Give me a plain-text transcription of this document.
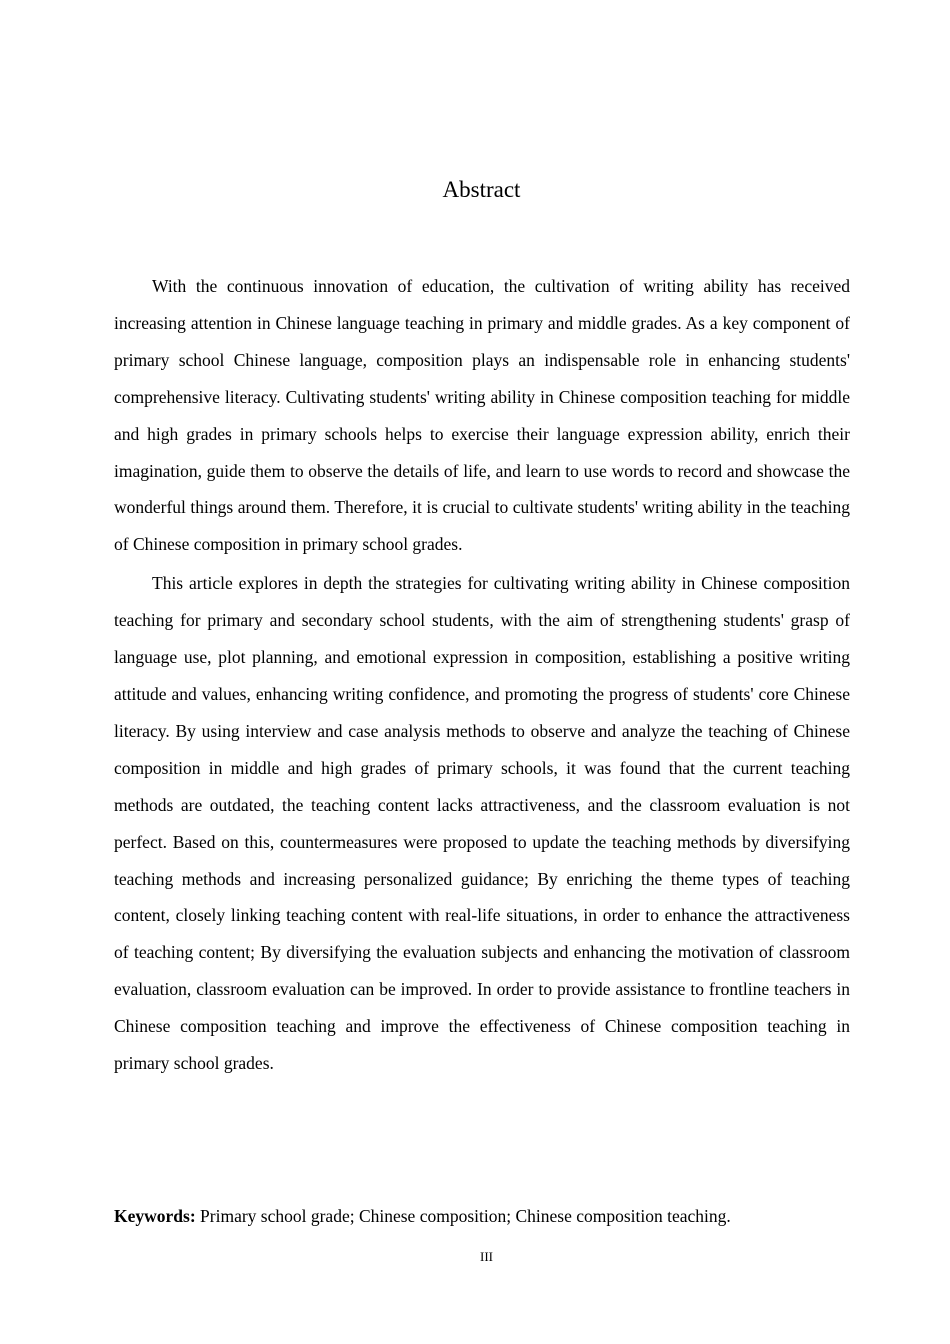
Abstract

With the continuous innovation of education, the cultivation of writing ability has received increasing attention in Chinese language teaching in primary and middle grades. As a key component of primary school Chinese language, composition plays an indispensable role in enhancing students' comprehensive literacy. Cultivating students' writing ability in Chinese composition teaching for middle and high grades in primary schools helps to exercise their language expression ability, enrich their imagination, guide them to observe the details of life, and learn to use words to record and showcase the wonderful things around them. Therefore, it is crucial to cultivate students' writing ability in the teaching of Chinese composition in primary school grades.

This article explores in depth the strategies for cultivating writing ability in Chinese composition teaching for primary and secondary school students, with the aim of strengthening students' grasp of language use, plot planning, and emotional expression in composition, establishing a positive writing attitude and values, enhancing writing confidence, and promoting the progress of students' core Chinese literacy. By using interview and case analysis methods to observe and analyze the teaching of Chinese composition in middle and high grades of primary schools, it was found that the current teaching methods are outdated, the teaching content lacks attractiveness, and the classroom evaluation is not perfect. Based on this, countermeasures were proposed to update the teaching methods by diversifying teaching methods and increasing personalized guidance; By enriching the theme types of teaching content, closely linking teaching content with real-life situations, in order to enhance the attractiveness of teaching content; By diversifying the evaluation subjects and enhancing the motivation of classroom evaluation, classroom evaluation can be improved. In order to provide assistance to frontline teachers in Chinese composition teaching and improve the effectiveness of Chinese composition teaching in primary school grades.

Keywords: Primary school grade; Chinese composition; Chinese composition teaching.

III
